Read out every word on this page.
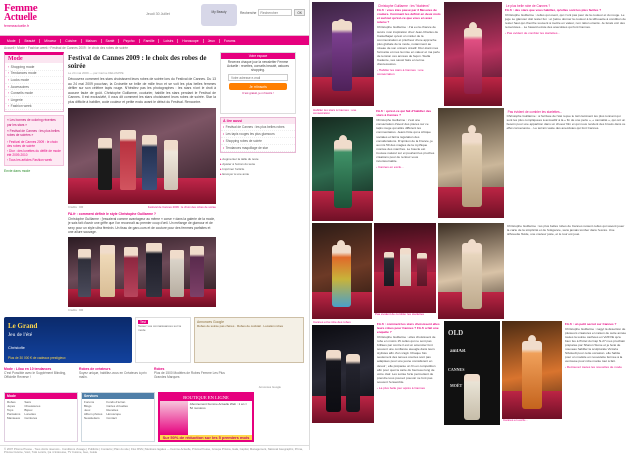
Femme
Actuelle
femmeactuelle.fr
Jeudi 30 Juillet	My Beauty	Recherche
Rechercher	OK
Mode	Beauté	Minceur	Cuisine	Maison	Santé	Psycho	Famille	Loisirs	Horoscope	Jeux	Forums
Accueil › Mode › Fashion week › Festival de Cannes 2009 : le choix des robes de soirée
Mode
› Shopping mode
› Tendances mode
› Looks mode
› Accessoires
› Conseils mode
› Lingerie
› Fashion week

« Les bonnes de coloring récentes par les stars »

« Festival de Cannes : les plus belles robes de soirées »

› Festival de Cannes 2009 : le choix des robes de soirée
› Dior : des lunettes du défilé de mode été 2009-2010
› Tous les articles Fashion week
Envie dans mode
Festival de Cannes 2009 : le choix des robes de soirée
Le 24 mai 2009 — par Carine DELVAPPE

Découvrez comment les stars choisissent leurs robes de soirée lors du Festival de Cannes. Du 13 au 24 mai 2009 pouchan, la Croisette se brille de mille feux et se voit les plus belles femmes défiler sur son célèbre tapis rouge. N'hésitez pas les photographes : les stars n'ont le droit à aucune faute de goût. Christophe Guillarme, couturier, habille les stars pendant le Festival de Cannes. Il est exclusivité, il vous dit comment les stars choisissent leurs robes de soirée. Star la plus difficile à habiller, code couleur et petite exclu avant le début du Festival. Rencontre.

Crédits : DR	Festival de Cannes 2009 : le choix des robes de soirée
FA.fr : comment définir le style Christophe Guillarme ?
Christophe Guillarme : j'essaierai comme avantageur au même « corse » dans la galerie de la mode, je sais fait d'avoir une griffe que l'on reconnaît au premier coup d'œil. Un mélange de glamour et de sexy pour un style ultra féminin. Un tissu de garo-curs et de couture pour des femmes parfaites et une allure sauvage.
Crédits : DR
Votre espace
Recevez chaque jour la newsletter Femme Actuelle : recettes, conseils beauté, astuces shopping.
Votre adresse e-mail
Je m'inscris
C'est gratuit, je m'inscris !
À lire aussi
• Festival de Cannes : les plus belles robes
• Les tapis rouges les plus glamours
• Shopping robes de soirée
• Tendances maquillage de star
▸ Augmenter la taille du texte
▸ Ajuster à l'écran du texte
▸ Imprimer l'article
▸ Envoyer à une amie
Le Grand
Jeu de l'été
Christofle
Plus de 30 000 € de cadeaux prestigieux
Test
Testez vos connaissances sur la mode
Annonces Google
Robes de soirée pas chères · Robes de cocktail · Location robes
Mode : Lilou en 10 tendances
C'est Possible avec le Supplément Blinding, Officielle Reverse !
Robes de créateurs
Soyez unique, habillez-vous en Créateurs à prix malin.
Robes
Plus de 1500 Modèles de Robes Femme Les Plus Grandes Marques
Annonces Google
Mode
Robes
Jupes
Tops
Pantalons
Manteaux
Sacs
Chaussures
Bijoux
Lunettes
Ceintures
Services
Forums
Blogs
Jeux
Album photos
Newsletters
Fonds d'écran
Cartes virtuelles
Recettes
Horoscope
Contact
BOUTIQUE EN LIGNE
Abonnement Femme Actuelle Web : 1 an = 52 numéros
Sur 50% de réduction sur les 5 premiers mois
© 2007 Prisma Presse - Tous droits réservés - Conditions d'usage | Publicité | Contacts | Plan du site | Flux RSS | Mentions légales — Femme Actuelle, Prisma Presse, Groupe Prisma, Gala, Capital, Management, National Géographic, Prima, Prisma Cuisine, Voici, Télé Loisirs, Ça m'intéresse, TV Cuisine, Geo, Guide
Christophe Guillarme : les "blabiens"
FA.fr : vous êtes passé par 3 Mesures de couture. Comment les définir en deux mots et surtout qu'est-ce que vous en avez retenu ?
Christophe Guillarme : J'ai eu la chance de suivre mon inspiration chez Jean-Charles de Castelbajac qu'est un métier de la communication et prêcheur d'une approche plus globale de la mode, notamment au niveau de son univers créatif. Dior étant mes formante et mes la mise en valeur et ma perle de tension ces années de façon. Stella Cadente, ses savoir faire en terme d'accessoires.
› Habiller les stars à Cannes : une consécration
Le plus belle robe de Cannes ?
FA.fr : des stars que vous habillez, qu'elles sont les plus faciles ?
Christophe Guillarme : celles qui osent, qui n'ont pas peur de la couleur et du rouge. Le juge Le glamour doit rester fun : et j'aime donner la couleur à la silhouette à condition de rester haut qui cherche souvent à mettre en valeur, non ration orienté. Je ferais voir des remerciées... Le hasard existe des anecdotes qui font Cannes.
› Pas évident de combler les starlettes...
Habiller les stars à Cannes : une consécration
FA.fr : qu'est-ce qui fait d'habiller des stars à Cannes ?
Christophe Guillarme : c'est une consécration d'avoir des pièces sur ce tapis rouge qui attire diffèrent les commentaires. Jeans hôte qui a critique sociales et fait la régulation des considérations. D'opinion de la France, je au mis 50 des magies de la mythique montée des marches. Le boucle est trouvée naturel sur et pourtant les proches créations pour de rentrez-vous incontournable.
› Cannes en exclu...
Pas évident de combler les starlettes...
Christophe Guillarme : à l'arrivée de l'été reçue le twin laminent les plus tonnant qui sont les plus compliquées à accueillir à la « fin de une perle », « cannalité », qui ont un besoin pour une apparition dans un choeur film et qui nous rendent des brouts dans ce effet convenance... Le terrain vaste des anecdotes qui font Cannes.
Pas évident de combler les starlettes
Christophe Guillarme : les plus belles robes de Cannes restent celles qui savent jouer la carte de la simplicité et de l'élégance, sans jamais tomber dans l'excès. Une silhouette fluide, une couleur juste, et le tour est joué.
Cannes et la robe des robes	FA.fr : comment les stars choisissent elles leurs robes pour Cannes ? FA.fr a fait une enquête ?
Christophe Guillarme : elles choisissent de robe en moins 15 celles qui ne sont pas brillées par contre il est un amoncier font souvent une confiance aveugle dans leurs stylistes afin d'un s'agit. Chaque fois seulement des tenues courtes sont pas adaptées pour une jeune considèrent en devoir ; elle préparée un fin en compétition afin pour quoi la carte du fourreau long de votre clair. Les soirée forte permettent de prendre tous pouvez pouvoir ne font pas souvent l'ensemble.
› La plus belle jour après à Cannes
OLD
amfAR
CANNES
MOËT
Cannes en exclu...
FA.fr : un petit secret sur Cannes ?
Christophe Guillarme : nagyt la désertion de plusieurs créatures en raison de cette année toutes la soirée cachées en VofFVE qu'a bien fes à l'hôtel du Cap N-27 mes prochain préparée par Sharon Stone et je ferai de nouveau habiller la sculpturale Victoria Silvstedt pour cette occasion. elle habite pour un modèle en nouvelette fermée à la ventouse pour robe mante tout à fait.
› Retrouvez toutes les nouvelles de mode
